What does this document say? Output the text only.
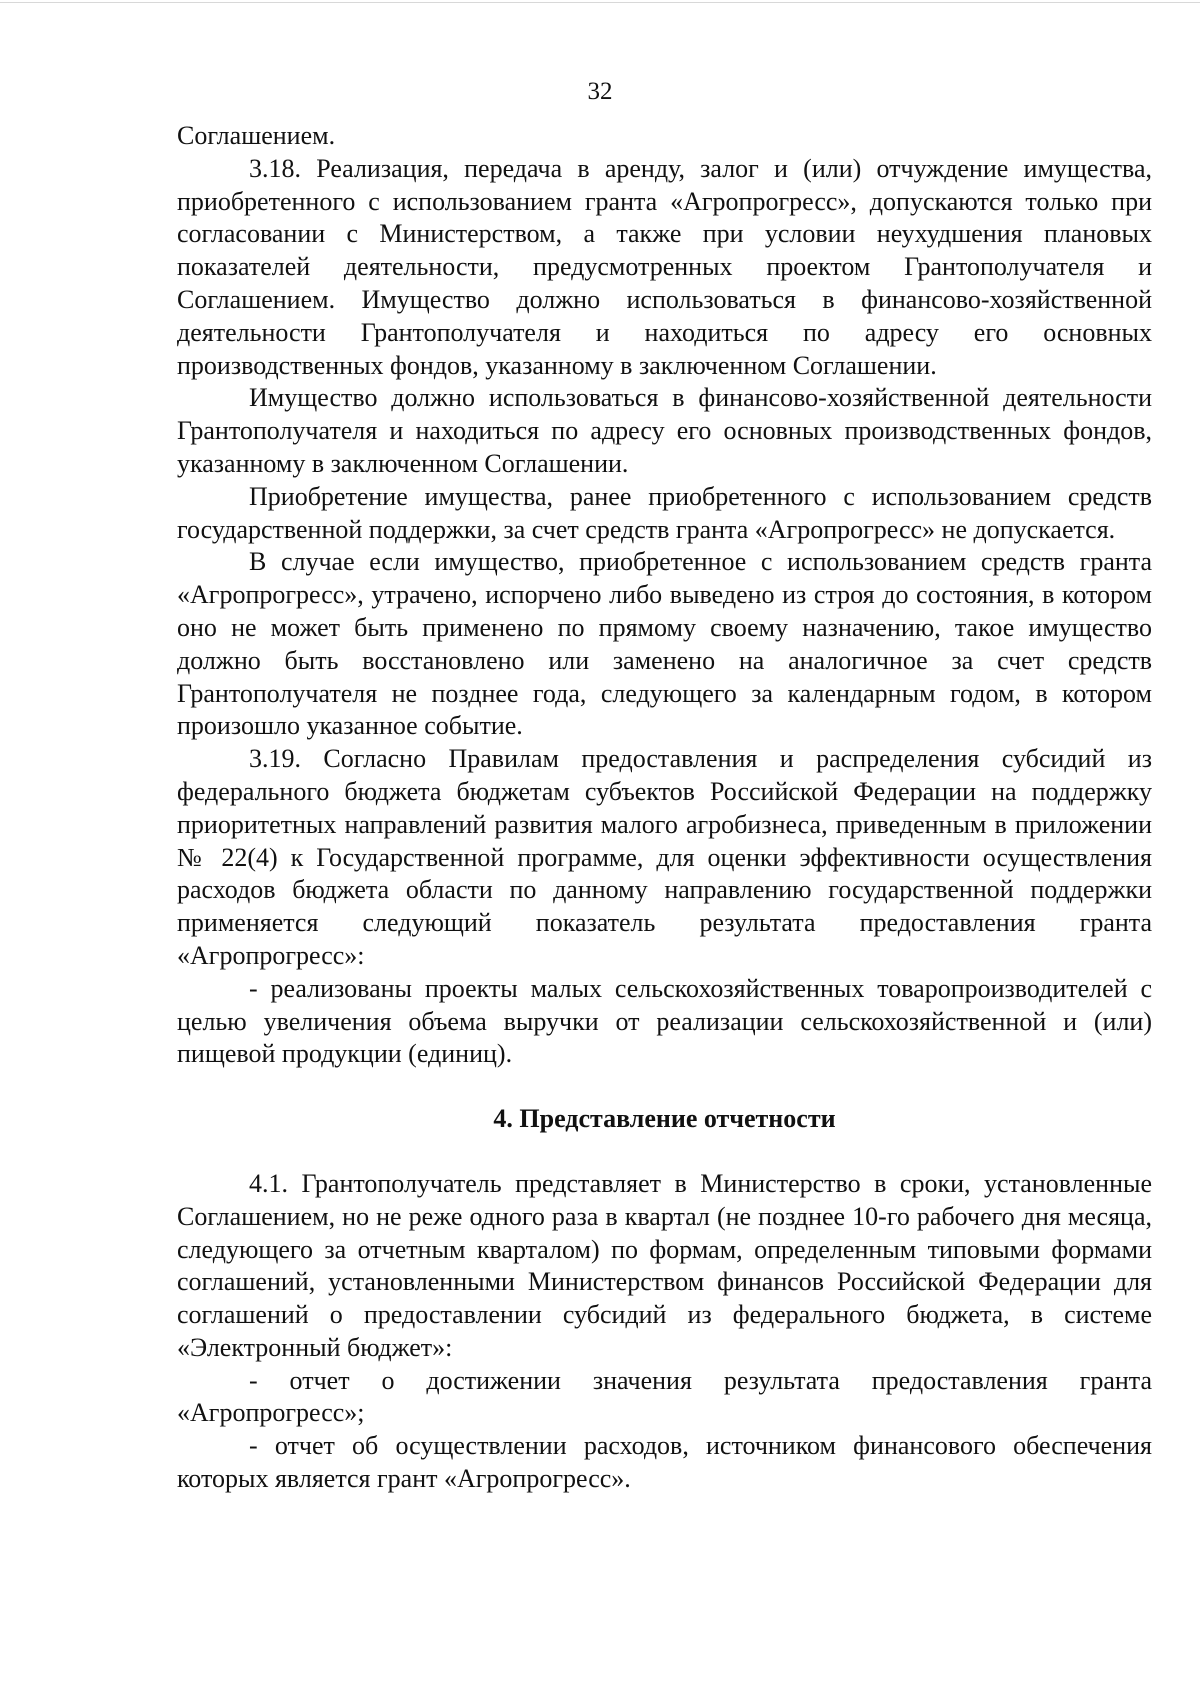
32

Соглашением.

3.18. Реализация, передача в аренду, залог и (или) отчуждение имущества, приобретенного с использованием гранта «Агропрогресс», допускаются только при согласовании с Министерством, а также при условии неухудшения плановых показателей деятельности, предусмотренных проектом Грантополучателя и Соглашением. Имущество должно использоваться в финансово-хозяйственной деятельности Грантополучателя и находиться по адресу его основных производственных фондов, указанному в заключенном Соглашении.

Имущество должно использоваться в финансово-хозяйственной деятельности Грантополучателя и находиться по адресу его основных производственных фондов, указанному в заключенном Соглашении.

Приобретение имущества, ранее приобретенного с использованием средств государственной поддержки, за счет средств гранта «Агропрогресс» не допускается.

В случае если имущество, приобретенное с использованием средств гранта «Агропрогресс», утрачено, испорчено либо выведено из строя до состояния, в котором оно не может быть применено по прямому своему назначению, такое имущество должно быть восстановлено или заменено на аналогичное за счет средств Грантополучателя не позднее года, следующего за календарным годом, в котором произошло указанное событие.

3.19. Согласно Правилам предоставления и распределения субсидий из федерального бюджета бюджетам субъектов Российской Федерации на поддержку приоритетных направлений развития малого агробизнеса, приведенным в приложении № 22(4) к Государственной программе, для оценки эффективности осуществления расходов бюджета области по данному направлению государственной поддержки применяется следующий показатель результата предоставления гранта «Агропрогресс»:

- реализованы проекты малых сельскохозяйственных товаропроизводителей с целью увеличения объема выручки от реализации сельскохозяйственной и (или) пищевой продукции (единиц).

4. Представление отчетности

4.1. Грантополучатель представляет в Министерство в сроки, установленные Соглашением, но не реже одного раза в квартал (не позднее 10-го рабочего дня месяца, следующего за отчетным кварталом) по формам, определенным типовыми формами соглашений, установленными Министерством финансов Российской Федерации для соглашений о предоставлении субсидий из федерального бюджета, в системе «Электронный бюджет»:

- отчет о достижении значения результата предоставления гранта «Агропрогресс»;

- отчет об осуществлении расходов, источником финансового обеспечения которых является грант «Агропрогресс».
